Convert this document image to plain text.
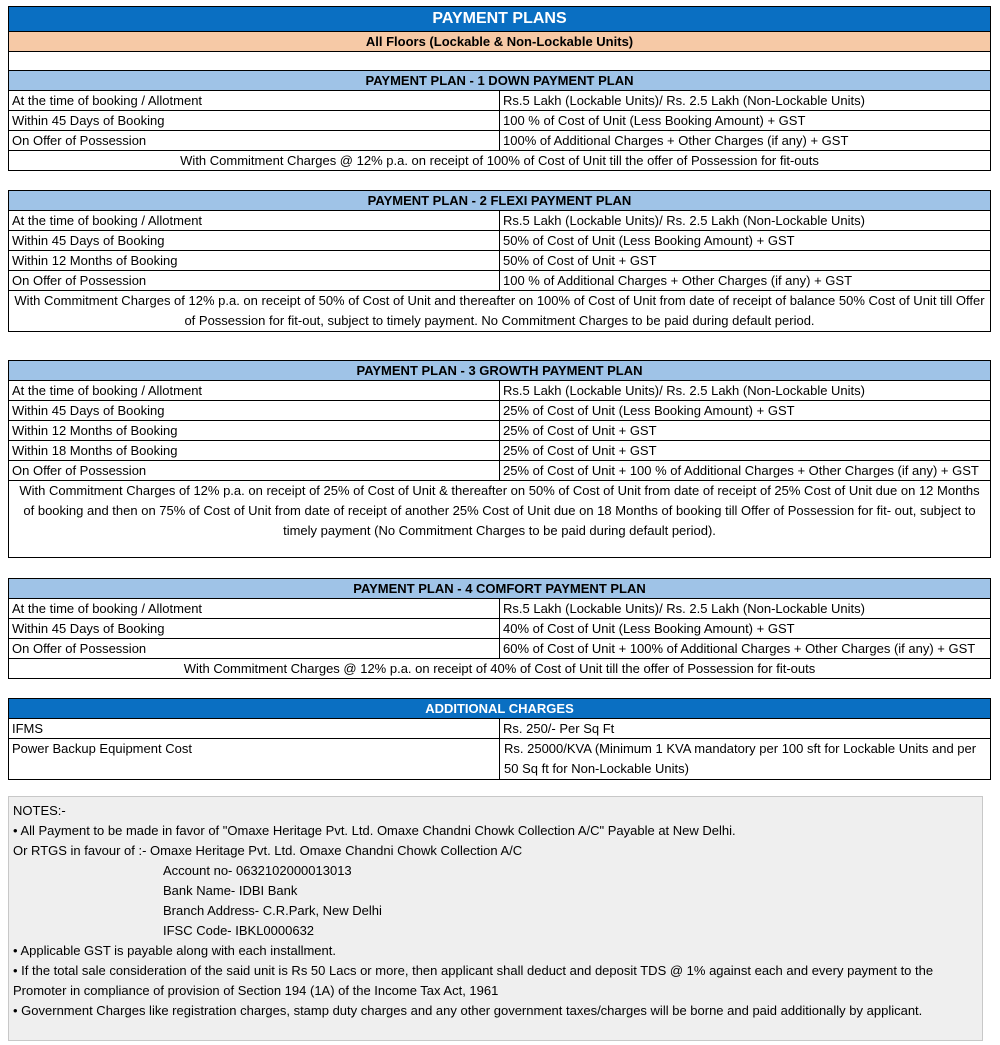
PAYMENT PLANS
All Floors (Lockable & Non-Lockable Units)

PAYMENT PLAN - 1 DOWN PAYMENT PLAN	
At the time of booking / Allotment	Rs.5 Lakh (Lockable Units)/ Rs. 2.5 Lakh (Non-Lockable Units)
Within 45 Days of Booking	100 % of Cost of Unit (Less Booking Amount) + GST
On Offer of Possession	100% of Additional Charges + Other Charges (if any) + GST
With Commitment Charges @ 12% p.a. on receipt of 100% of Cost of Unit till the offer of Possession for fit-outs	
PAYMENT PLAN - 2 FLEXI PAYMENT PLAN	
At the time of booking / Allotment	Rs.5 Lakh (Lockable Units)/ Rs. 2.5 Lakh (Non-Lockable Units)
Within 45 Days of Booking	50% of Cost of Unit (Less Booking Amount) + GST
Within 12 Months of Booking	50% of Cost of Unit + GST
On Offer of Possession	100 % of Additional Charges + Other Charges (if any) + GST
With Commitment Charges of 12% p.a. on receipt of 50% of Cost of Unit and thereafter on 100% of Cost of Unit from date of receipt of balance 50% Cost of Unit till Offer of Possession for fit-out, subject to timely payment. No Commitment Charges to be paid during default period.	
PAYMENT PLAN - 3 GROWTH PAYMENT PLAN	
At the time of booking / Allotment	Rs.5 Lakh (Lockable Units)/ Rs. 2.5 Lakh (Non-Lockable Units)
Within 45 Days of Booking	25% of Cost of Unit (Less Booking Amount) + GST
Within 12 Months of Booking	25% of Cost of Unit + GST
Within 18 Months of Booking	25% of Cost of Unit + GST
On Offer of Possession	25% of Cost of Unit + 100 % of Additional Charges + Other Charges (if any) + GST
With Commitment Charges of 12% p.a. on receipt of 25% of Cost of Unit & thereafter on 50% of Cost of Unit from date of receipt of 25% Cost of Unit due on 12 Months of booking and then on 75% of Cost of Unit from date of receipt of another 25% Cost of Unit due on 18 Months of booking till Offer of Possession for fit- out, subject to timely payment (No Commitment Charges to be paid during default period).	
PAYMENT PLAN - 4 COMFORT PAYMENT PLAN	
At the time of booking / Allotment	Rs.5 Lakh (Lockable Units)/ Rs. 2.5 Lakh (Non-Lockable Units)
Within 45 Days of Booking	40% of Cost of Unit (Less Booking Amount) + GST
On Offer of Possession	60% of Cost of Unit + 100% of Additional Charges + Other Charges (if any) + GST
With Commitment Charges @ 12% p.a. on receipt of 40% of Cost of Unit till the offer of Possession for fit-outs	
ADDITIONAL CHARGES	
IFMS	Rs. 250/- Per Sq Ft
Power Backup Equipment Cost	Rs. 25000/KVA (Minimum 1 KVA mandatory per 100 sft for Lockable Units and per 50 Sq ft for Non-Lockable Units)
NOTES:-
• All Payment to be made in favor of "Omaxe Heritage Pvt. Ltd. Omaxe Chandni Chowk Collection A/C" Payable at New Delhi.
Or RTGS in favour of :- Omaxe Heritage Pvt. Ltd. Omaxe Chandni Chowk Collection A/C
Account no- 0632102000013013
Bank Name- IDBI Bank
Branch Address- C.R.Park, New Delhi
IFSC Code- IBKL0000632
• Applicable GST is payable along with each installment.
• If the total sale consideration of the said unit is Rs 50 Lacs or more, then applicant shall deduct and deposit TDS @ 1% against each and every payment to the Promoter in compliance of provision of Section 194 (1A) of the Income Tax Act, 1961
• Government Charges like registration charges, stamp duty charges and any other government taxes/charges will be borne and paid additionally by applicant.
